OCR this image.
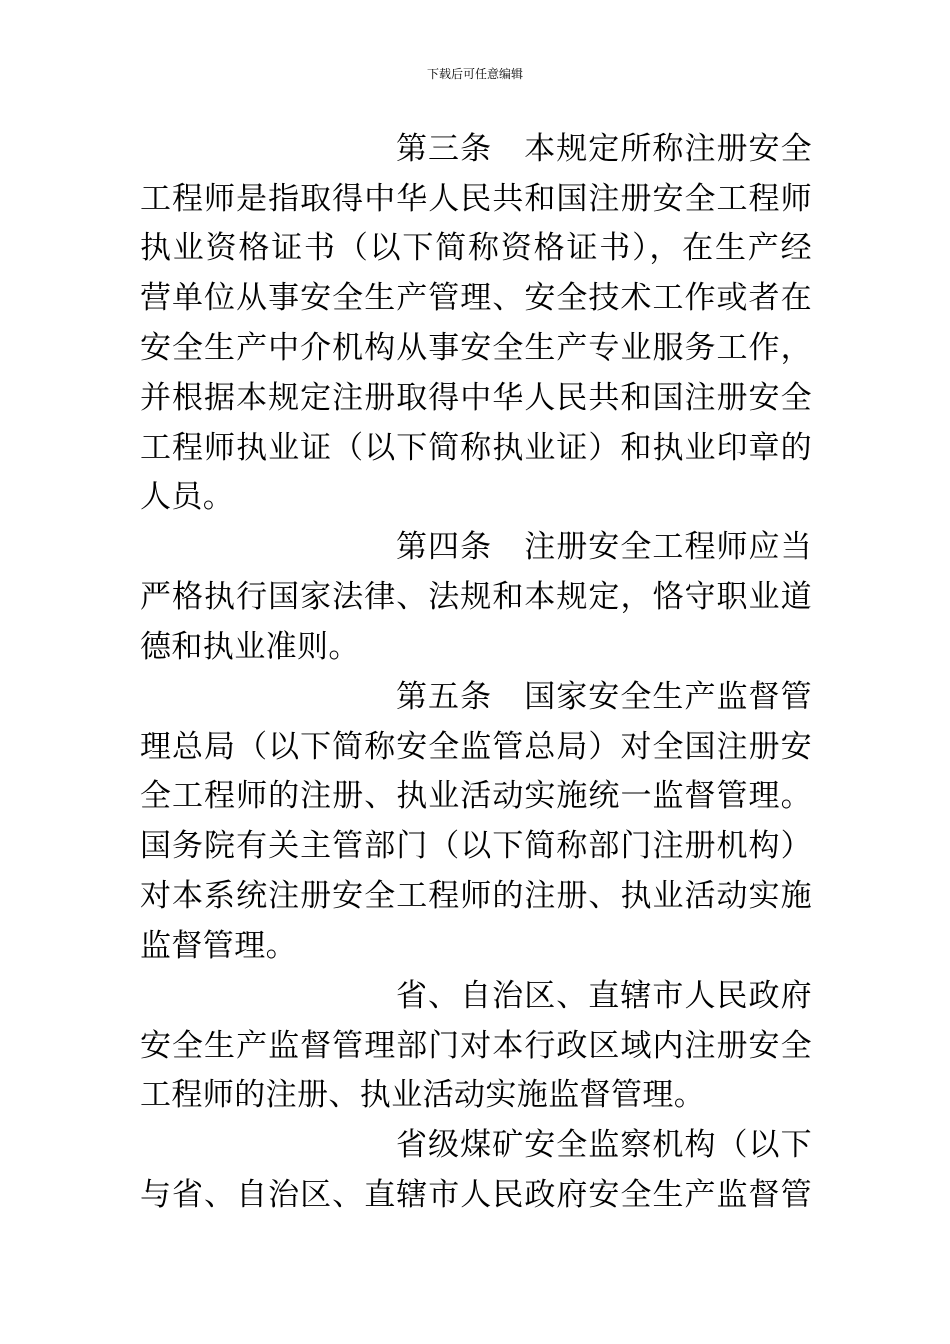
下载后可任意编辑
第三条　本规定所称注册安全
工程师是指取得中华人民共和国注册安全工程师
执业资格证书（以下简称资格证书），在生产经
营单位从事安全生产管理、安全技术工作或者在
安全生产中介机构从事安全生产专业服务工作，
并根据本规定注册取得中华人民共和国注册安全
工程师执业证（以下简称执业证）和执业印章的
人员。
第四条　注册安全工程师应当
严格执行国家法律、法规和本规定，恪守职业道
德和执业准则。
第五条　国家安全生产监督管
理总局（以下简称安全监管总局）对全国注册安
全工程师的注册、执业活动实施统一监督管理。
国务院有关主管部门（以下简称部门注册机构）
对本系统注册安全工程师的注册、执业活动实施
监督管理。
省、自治区、直辖市人民政府
安全生产监督管理部门对本行政区域内注册安全
工程师的注册、执业活动实施监督管理。
省级煤矿安全监察机构（以下
与省、自治区、直辖市人民政府安全生产监督管
